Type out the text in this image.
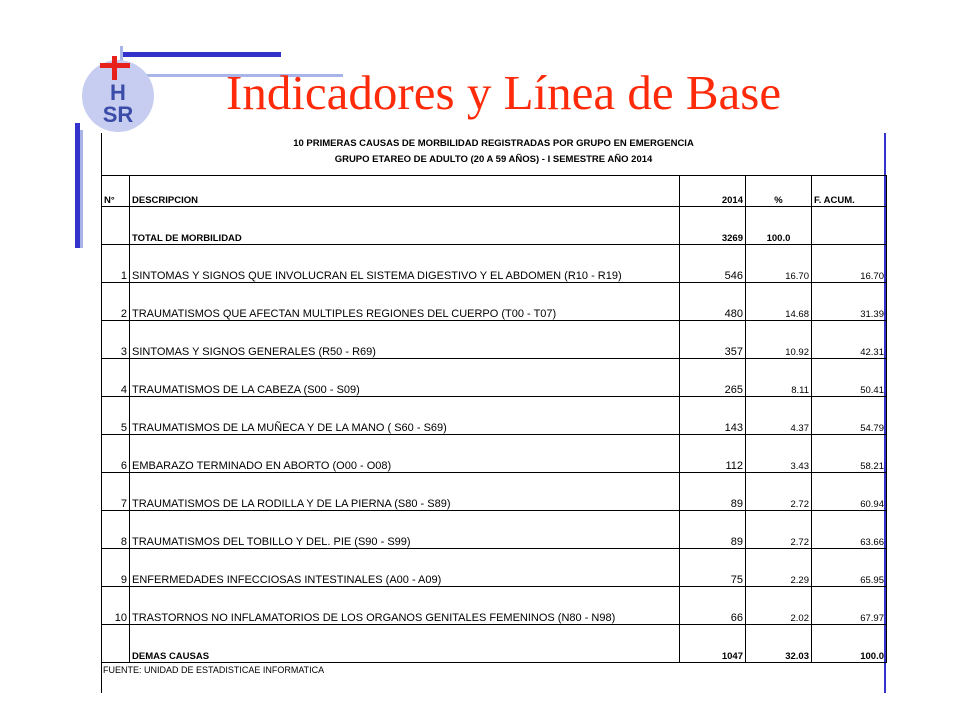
H
SR Indicadores y Línea de Base
10 PRIMERAS CAUSAS DE MORBILIDAD REGISTRADAS POR GRUPO EN EMERGENCIA
GRUPO ETAREO DE ADULTO (20 A 59 AÑOS) - I SEMESTRE AÑO 2014
N°	DESCRIPCION	2014	%	F. ACUM.
	TOTAL DE MORBILIDAD	3269	100.0	
1	SINTOMAS Y SIGNOS QUE INVOLUCRAN EL SISTEMA DIGESTIVO Y EL ABDOMEN (R10 - R19)	546	16.70	16.70
2	TRAUMATISMOS QUE AFECTAN MULTIPLES REGIONES DEL CUERPO (T00 - T07)	480	14.68	31.39
3	SINTOMAS Y SIGNOS GENERALES (R50 - R69)	357	10.92	42.31
4	TRAUMATISMOS DE LA CABEZA (S00 - S09)	265	8.11	50.41
5	TRAUMATISMOS DE LA MUÑECA Y DE LA MANO ( S60 - S69)	143	4.37	54.79
6	EMBARAZO TERMINADO EN ABORTO (O00 - O08)	112	3.43	58.21
7	TRAUMATISMOS DE LA RODILLA Y DE LA PIERNA (S80 - S89)	89	2.72	60.94
8	TRAUMATISMOS DEL TOBILLO Y DEL. PIE (S90 - S99)	89	2.72	63.66
9	ENFERMEDADES INFECCIOSAS INTESTINALES (A00 - A09)	75	2.29	65.95
10	TRASTORNOS NO INFLAMATORIOS DE LOS ORGANOS GENITALES FEMENINOS (N80 - N98)	66	2.02	67.97
	DEMAS CAUSAS	1047	32.03	100.0
FUENTE: UNIDAD DE ESTADISTICAE INFORMATICA
